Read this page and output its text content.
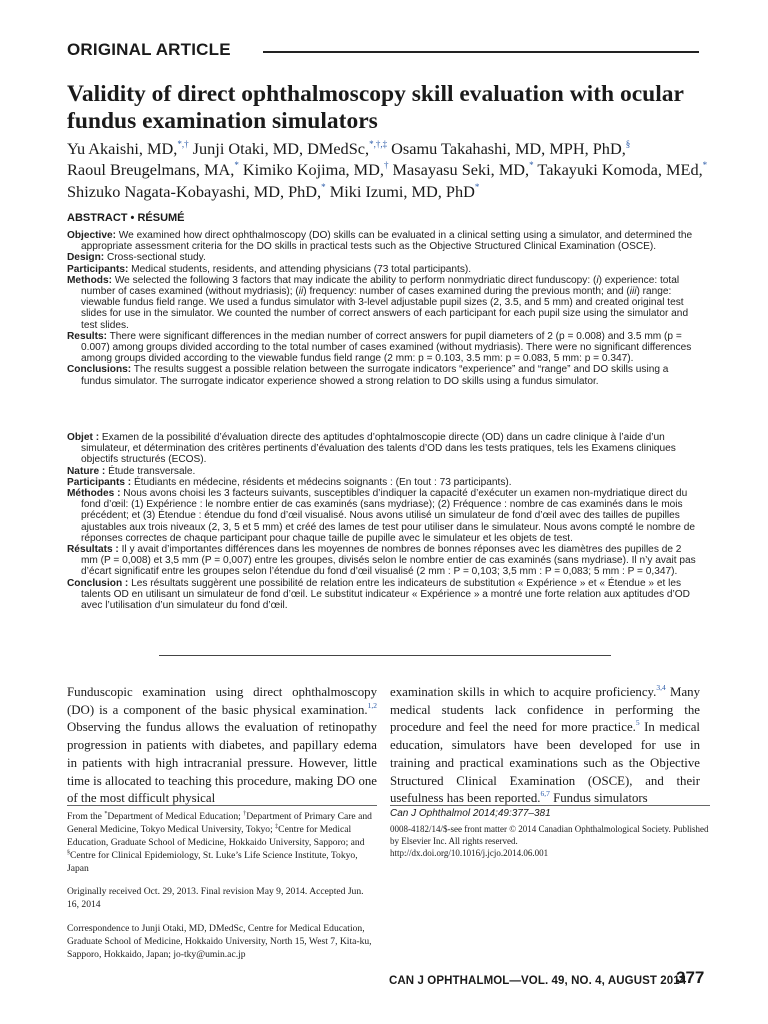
ORIGINAL ARTICLE
Validity of direct ophthalmoscopy skill evaluation with ocular fundus examination simulators
Yu Akaishi, MD,*,† Junji Otaki, MD, DMedSc,*,†,‡ Osamu Takahashi, MD, MPH, PhD,§
Raoul Breugelmans, MA,* Kimiko Kojima, MD,† Masayasu Seki, MD,* Takayuki Komoda, MEd,*
Shizuko Nagata-Kobayashi, MD, PhD,* Miki Izumi, MD, PhD*
ABSTRACT • RÉSUMÉ

Objective: We examined how direct ophthalmoscopy (DO) skills can be evaluated in a clinical setting using a simulator, and determined the appropriate assessment criteria for the DO skills in practical tests such as the Objective Structured Clinical Examination (OSCE).

Design: Cross-sectional study.

Participants: Medical students, residents, and attending physicians (73 total participants).

Methods: We selected the following 3 factors that may indicate the ability to perform nonmydriatic direct funduscopy: (i) experience: total number of cases examined (without mydriasis); (ii) frequency: number of cases examined during the previous month; and (iii) range: viewable fundus field range. We used a fundus simulator with 3-level adjustable pupil sizes (2, 3.5, and 5 mm) and created original test slides for use in the simulator. We counted the number of correct answers of each participant for each pupil size using the simulator and test slides.

Results: There were significant differences in the median number of correct answers for pupil diameters of 2 (p = 0.008) and 3.5 mm (p = 0.007) among groups divided according to the total number of cases examined (without mydriasis). There were no significant differences among groups divided according to the viewable fundus field range (2 mm: p = 0.103, 3.5 mm: p = 0.083, 5 mm: p = 0.347).

Conclusions: The results suggest a possible relation between the surrogate indicators “experience” and “range” and DO skills using a fundus simulator. The surrogate indicator experience showed a strong relation to DO skills using a fundus simulator.

Objet : Examen de la possibilité d’évaluation directe des aptitudes d’ophtalmoscopie directe (OD) dans un cadre clinique à l’aide d’un simulateur, et détermination des critères pertinents d’évaluation des talents d’OD dans les tests pratiques, tels les Examens cliniques objectifs structurés (ECOS).

Nature : Étude transversale.

Participants : Étudiants en médecine, résidents et médecins soignants : (En tout : 73 participants).

Méthodes : Nous avons choisi les 3 facteurs suivants, susceptibles d’indiquer la capacité d’exécuter un examen non-mydriatique direct du fond d’œil: (1) Expérience : le nombre entier de cas examinés (sans mydriase); (2) Fréquence : nombre de cas examinés dans le mois précédent; et (3) Étendue : étendue du fond d’œil visualisé. Nous avons utilisé un simulateur de fond d’œil avec des tailles de pupilles ajustables aux trois niveaux (2, 3, 5 et 5 mm) et créé des lames de test pour utiliser dans le simulateur. Nous avons compté le nombre de réponses correctes de chaque participant pour chaque taille de pupille avec le simulateur et les objets de test.

Résultats : Il y avait d’importantes différences dans les moyennes de nombres de bonnes réponses avec les diamètres des pupilles de 2 mm (P = 0,008) et 3,5 mm (P = 0,007) entre les groupes, divisés selon le nombre entier de cas examinés (sans mydriase). Il n’y avait pas d’écart significatif entre les groupes selon l’étendue du fond d’œil visualisé (2 mm : P = 0,103; 3,5 mm : P = 0,083; 5 mm : P = 0,347).

Conclusion : Les résultats suggèrent une possibilité de relation entre les indicateurs de substitution « Expérience » et « Étendue » et les talents OD en utilisant un simulateur de fond d’œil. Le substitut indicateur « Expérience » a montré une forte relation aux aptitudes d’OD avec l’utilisation d’un simulateur du fond d’œil.

Funduscopic examination using direct ophthalmoscopy (DO) is a component of the basic physical examination.$^{1,2}$ Observing the fundus allows the evaluation of retinopathy progression in patients with diabetes, and papillary edema in patients with high intracranial pressure. However, little time is allocated to teaching this procedure, making DO one of the most difficult physical
examination skills in which to acquire proficiency.$^{3,4}$ Many medical students lack confidence in performing the procedure and feel the need for more practice.$^5$ In medical education, simulators have been developed for use in training and practical examinations such as the Objective Structured Clinical Examination (OSCE), and their usefulness has been reported.$^{6,7}$ Fundus simulators
From the *Department of Medical Education; †Department of Primary Care and General Medicine, Tokyo Medical University, Tokyo; ‡Centre for Medical Education, Graduate School of Medicine, Hokkaido University, Sapporo; and §Centre for Clinical Epidemiology, St. Luke’s Life Science Institute, Tokyo, Japan
Originally received Oct. 29, 2013. Final revision May 9, 2014. Accepted Jun. 16, 2014
Correspondence to Junji Otaki, MD, DMedSc, Centre for Medical Education, Graduate School of Medicine, Hokkaido University, North 15, West 7, Kita-ku, Sapporo, Hokkaido, Japan; jo-tky@umin.ac.jp
Can J Ophthalmol 2014;49:377–381
0008-4182/14/$-see front matter © 2014 Canadian Ophthalmological Society. Published by Elsevier Inc. All rights reserved.
http://dx.doi.org/10.1016/j.jcjo.2014.06.001
CAN J OPHTHALMOL—VOL. 49, NO. 4, AUGUST 2014
377
